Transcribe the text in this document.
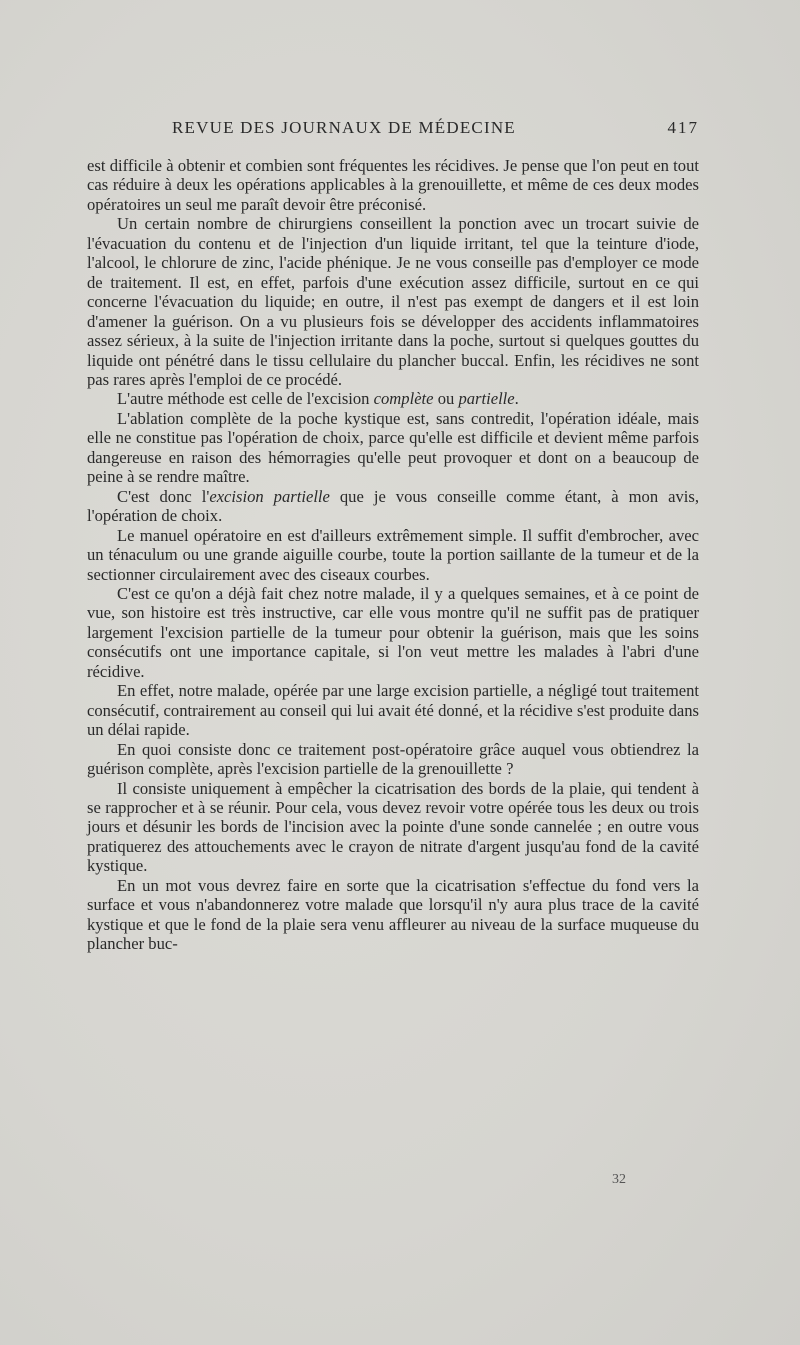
REVUE DES JOURNAUX DE MÉDECINE	417

est difficile à obtenir et combien sont fréquentes les récidives. Je pense que l'on peut en tout cas réduire à deux les opérations applicables à la grenouillette, et même de ces deux modes opératoires un seul me paraît devoir être préconisé.

Un certain nombre de chirurgiens conseillent la ponction avec un trocart suivie de l'évacuation du contenu et de l'injection d'un liquide irritant, tel que la teinture d'iode, l'alcool, le chlorure de zinc, l'acide phénique. Je ne vous conseille pas d'employer ce mode de traitement. Il est, en effet, parfois d'une exécution assez difficile, surtout en ce qui concerne l'évacuation du liquide; en outre, il n'est pas exempt de dangers et il est loin d'amener la guérison. On a vu plusieurs fois se développer des accidents inflammatoires assez sérieux, à la suite de l'injection irritante dans la poche, surtout si quelques gouttes du liquide ont pénétré dans le tissu cellulaire du plancher buccal. Enfin, les récidives ne sont pas rares après l'emploi de ce procédé.

L'autre méthode est celle de l'excision complète ou partielle.

L'ablation complète de la poche kystique est, sans contredit, l'opération idéale, mais elle ne constitue pas l'opération de choix, parce qu'elle est difficile et devient même parfois dangereuse en raison des hémorragies qu'elle peut provoquer et dont on a beaucoup de peine à se rendre maître.

C'est donc l'excision partielle que je vous conseille comme étant, à mon avis, l'opération de choix.

Le manuel opératoire en est d'ailleurs extrêmement simple. Il suffit d'embrocher, avec un ténaculum ou une grande aiguille courbe, toute la portion saillante de la tumeur et de la sectionner circulairement avec des ciseaux courbes.

C'est ce qu'on a déjà fait chez notre malade, il y a quelques semaines, et à ce point de vue, son histoire est très instructive, car elle vous montre qu'il ne suffit pas de pratiquer largement l'excision partielle de la tumeur pour obtenir la guérison, mais que les soins consécutifs ont une importance capitale, si l'on veut mettre les malades à l'abri d'une récidive.

En effet, notre malade, opérée par une large excision partielle, a négligé tout traitement consécutif, contrairement au conseil qui lui avait été donné, et la récidive s'est produite dans un délai rapide.

En quoi consiste donc ce traitement post-opératoire grâce auquel vous obtiendrez la guérison complète, après l'excision partielle de la grenouillette ?

Il consiste uniquement à empêcher la cicatrisation des bords de la plaie, qui tendent à se rapprocher et à se réunir. Pour cela, vous devez revoir votre opérée tous les deux ou trois jours et désunir les bords de l'incision avec la pointe d'une sonde cannelée ; en outre vous pratiquerez des attouchements avec le crayon de nitrate d'argent jusqu'au fond de la cavité kystique.

En un mot vous devrez faire en sorte que la cicatrisation s'effectue du fond vers la surface et vous n'abandonnerez votre malade que lorsqu'il n'y aura plus trace de la cavité kystique et que le fond de la plaie sera venu affleurer au niveau de la surface muqueuse du plancher buc-

32
